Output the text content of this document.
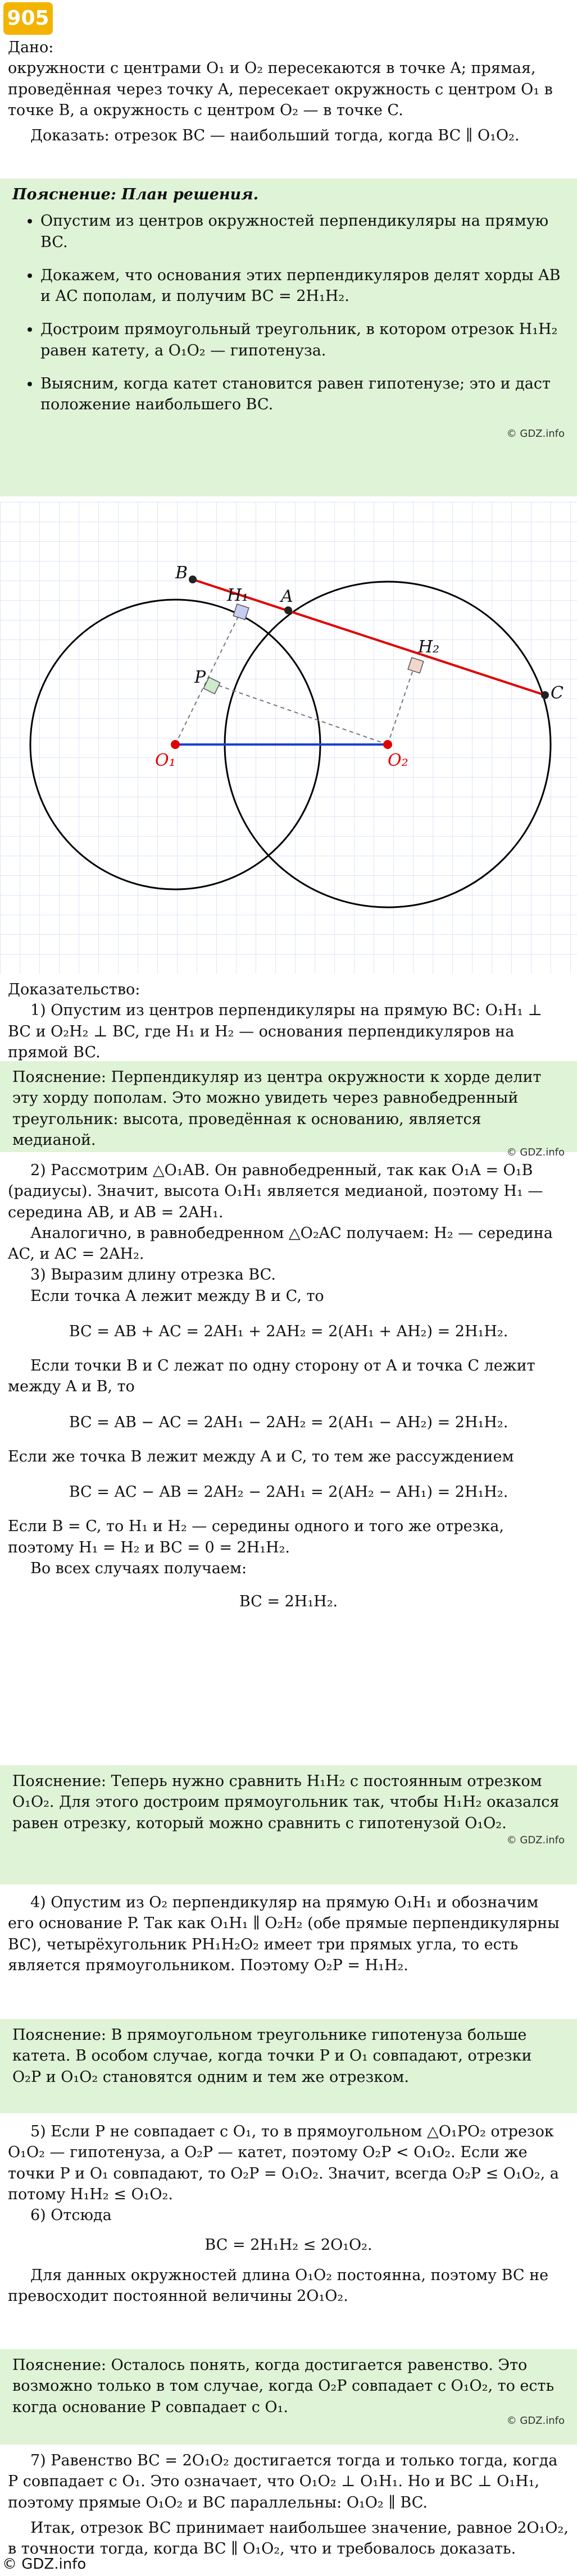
905

Дано:

окружности с центрами O₁ и O₂ пересекаются в точке A; прямая, проведённая через точку A, пересекает окружность с центром O₁ в точке B, а окружность с центром O₂ — в точке C.

Доказать: отрезок BC — наибольший тогда, когда BC ∥ O₁O₂.

Пояснение: План решения.
• Опустим из центров окружностей перпендикуляры на прямую BC.
• Докажем, что основания этих перпендикуляров делят хорды AB и AC пополам, и получим BC = 2H₁H₂.
• Достроим прямоугольный треугольник, в котором отрезок H₁H₂ равен катету, а O₁O₂ — гипотенуза.
• Выясним, когда катет становится равен гипотенузе; это и даст положение наибольшего BC.
© GDZ.info
B
H₁ A
H₂
C
P
O₁	O₂

Доказательство:

1) Опустим из центров перпендикуляры на прямую BC: O₁H₁ ⊥ BC и O₂H₂ ⊥ BC, где H₁ и H₂ — основания перпендикуляров на прямой BC.

Пояснение: Перпендикуляр из центра окружности к хорде делит эту хорду пополам. Это можно увидеть через равнобедренный треугольник: высота, проведённая к основанию, является медианой.

© GDZ.info

2) Рассмотрим △O₁AB. Он равнобедренный, так как O₁A = O₁B (радиусы). Значит, высота O₁H₁ является медианой, поэтому H₁ — середина AB, и AB = 2AH₁.

Аналогично, в равнобедренном △O₂AC получаем: H₂ — середина AC, и AC = 2AH₂.

3) Выразим длину отрезка BC.

Если точка A лежит между B и C, то

BC = AB + AC = 2AH₁ + 2AH₂ = 2(AH₁ + AH₂) = 2H₁H₂.

Если точки B и C лежат по одну сторону от A и точка C лежит между A и B, то

BC = AB − AC = 2AH₁ − 2AH₂ = 2(AH₁ − AH₂) = 2H₁H₂.

Если же точка B лежит между A и C, то тем же рассуждением

BC = AC − AB = 2AH₂ − 2AH₁ = 2(AH₂ − AH₁) = 2H₁H₂.

Если B = C, то H₁ и H₂ — середины одного и того же отрезка, поэтому H₁ = H₂ и BC = 0 = 2H₁H₂.

Во всех случаях получаем:

BC = 2H₁H₂.

Пояснение: Теперь нужно сравнить H₁H₂ с постоянным отрезком O₁O₂. Для этого достроим прямоугольник так, чтобы H₁H₂ оказался равен отрезку, который можно сравнить с гипотенузой O₁O₂.

© GDZ.info

4) Опустим из O₂ перпендикуляр на прямую O₁H₁ и обозначим его основание P. Так как O₁H₁ ∥ O₂H₂ (обе прямые перпендикулярны BC), четырёхугольник PH₁H₂O₂ имеет три прямых угла, то есть является прямоугольником. Поэтому O₂P = H₁H₂.

Пояснение: В прямоугольном треугольнике гипотенуза больше катета. В особом случае, когда точки P и O₁ совпадают, отрезки O₂P и O₁O₂ становятся одним и тем же отрезком.

5) Если P не совпадает с O₁, то в прямоугольном △O₁PO₂ отрезок O₁O₂ — гипотенуза, а O₂P — катет, поэтому O₂P < O₁O₂. Если же точки P и O₁ совпадают, то O₂P = O₁O₂. Значит, всегда O₂P ≤ O₁O₂, а потому H₁H₂ ≤ O₁O₂.

6) Отсюда

BC = 2H₁H₂ ≤ 2O₁O₂.

Для данных окружностей длина O₁O₂ постоянна, поэтому BC не превосходит постоянной величины 2O₁O₂.

Пояснение: Осталось понять, когда достигается равенство. Это возможно только в том случае, когда O₂P совпадает с O₁O₂, то есть когда основание P совпадает с O₁.

© GDZ.info

7) Равенство BC = 2O₁O₂ достигается тогда и только тогда, когда P совпадает с O₁. Это означает, что O₁O₂ ⊥ O₁H₁. Но и BC ⊥ O₁H₁, поэтому прямые O₁O₂ и BC параллельны: O₁O₂ ∥ BC.

Итак, отрезок BC принимает наибольшее значение, равное 2O₁O₂, в точности тогда, когда BC ∥ O₁O₂, что и требовалось доказать.

© GDZ.info
